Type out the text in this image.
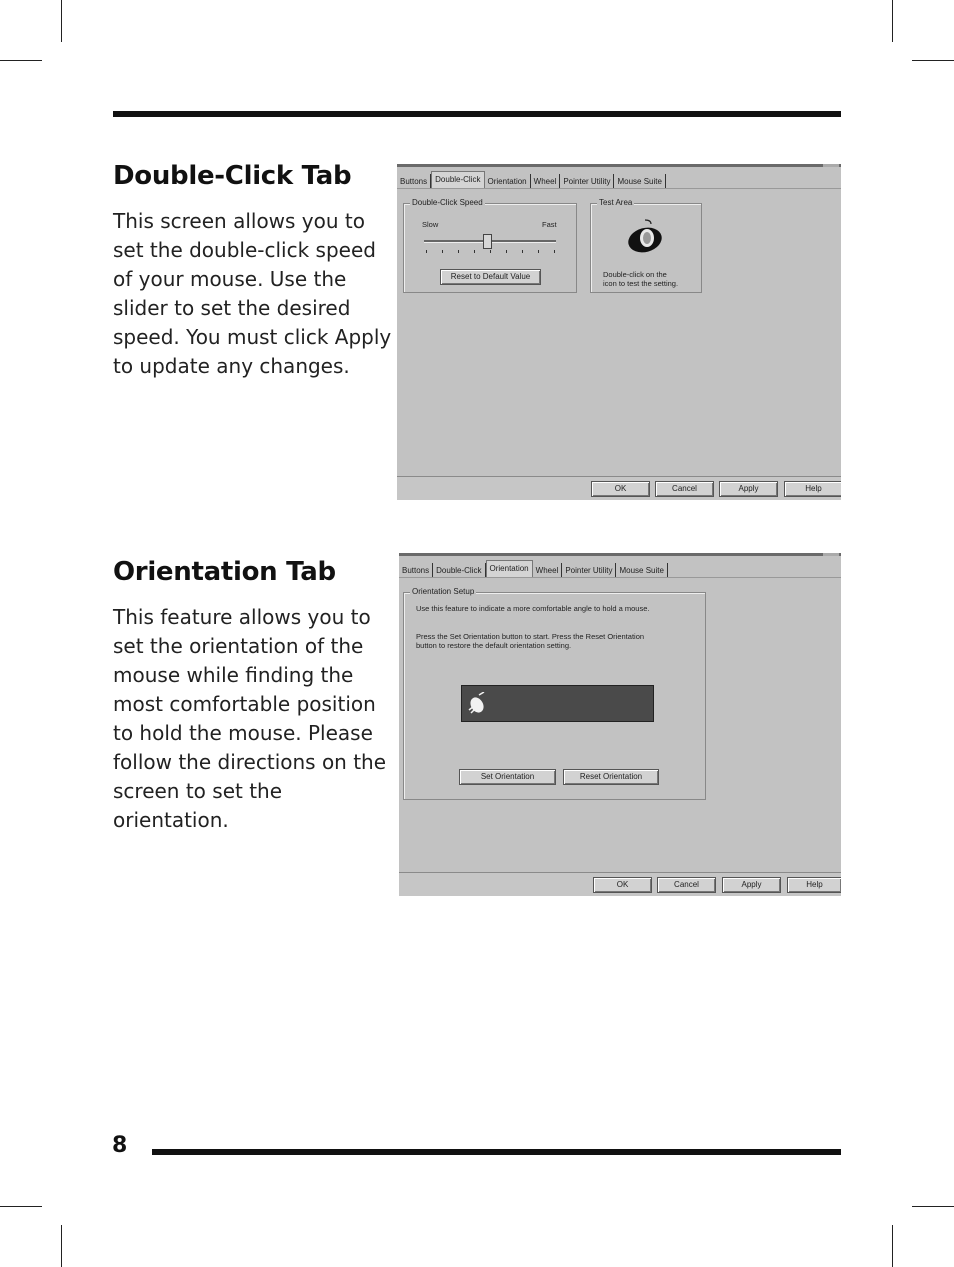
Double-Click Tab

This screen allows you to set the double-click speed of your mouse. Use the slider to set the desired speed. You must click Apply to update any changes.

Buttons	Double-Click Orientation Wheel Pointer Utility Mouse Suite
Double-Click Speed
Slow	Fast
Reset to Default Value
Test Area
Double-click on the
icon to test the setting.
OK	Cancel	Apply	Help
Orientation Tab

This feature allows you to set the orientation of the mouse while finding the most comfortable position to hold the mouse. Please follow the directions on the screen to set the orientation.

Buttons Double-Click	Orientation Wheel Pointer Utility Mouse Suite
Orientation Setup
Use this feature to indicate a more comfortable angle to hold a mouse.
Press the Set Orientation button to start. Press the Reset Orientation
button to restore the default orientation setting.
Set Orientation	Reset Orientation
OK	Cancel	Apply	Help
8
